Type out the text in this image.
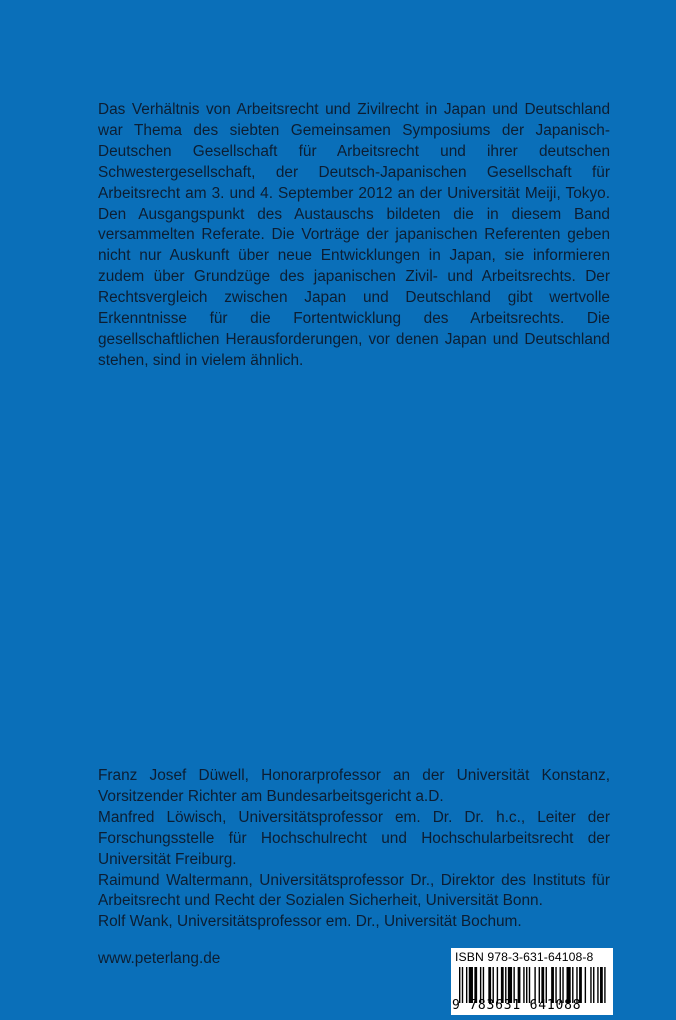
Das Verhältnis von Arbeitsrecht und Zivilrecht in Japan und Deutschland war Thema des siebten Gemeinsamen Symposiums der Japanisch-Deutschen Gesellschaft für Arbeitsrecht und ihrer deutschen Schwestergesellschaft, der Deutsch-Japanischen Gesellschaft für Arbeitsrecht am 3. und 4. September 2012 an der Universität Meiji, Tokyo. Den Ausgangspunkt des Austauschs bildeten die in diesem Band versammelten Referate. Die Vorträge der japanischen Referenten geben nicht nur Auskunft über neue Entwicklungen in Japan, sie informieren zudem über Grundzüge des japanischen Zivil- und Arbeitsrechts. Der Rechtsvergleich zwischen Japan und Deutschland gibt wertvolle Erkenntnisse für die Fortentwicklung des Arbeitsrechts. Die gesellschaftlichen Herausforderungen, vor denen Japan und Deutschland stehen, sind in vielem ähnlich.

Franz Josef Düwell, Honorarprofessor an der Universität Konstanz, Vorsitzender Richter am Bundesarbeitsgericht a.D.

Manfred Löwisch, Universitätsprofessor em. Dr. Dr. h.c., Leiter der Forschungsstelle für Hochschulrecht und Hochschularbeitsrecht der Universität Freiburg.

Raimund Waltermann, Universitätsprofessor Dr., Direktor des Instituts für Arbeitsrecht und Recht der Sozialen Sicherheit, Universität Bonn.

Rolf Wank, Universitätsprofessor em. Dr., Universität Bochum.

www.peterlang.de	ISBN 978-3-631-64108-8
9 783631 641088
